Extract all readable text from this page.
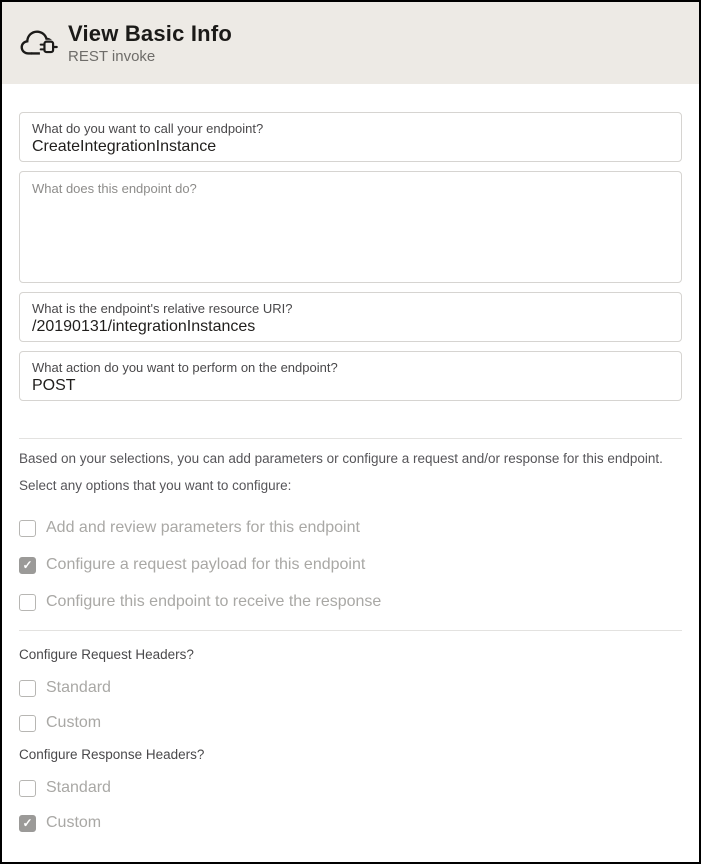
View Basic Info
REST invoke
What do you want to call your endpoint?
CreateIntegrationInstance
What does this endpoint do?
What is the endpoint's relative resource URI?
/20190131/integrationInstances
What action do you want to perform on the endpoint?
POST

Based on your selections, you can add parameters or configure a request and/or response for this endpoint.

Select any options that you want to configure:

Add and review parameters for this endpoint
✓
Configure a request payload for this endpoint
Configure this endpoint to receive the response
Configure Request Headers?
Standard
Custom
Configure Response Headers?
Standard
✓
Custom
